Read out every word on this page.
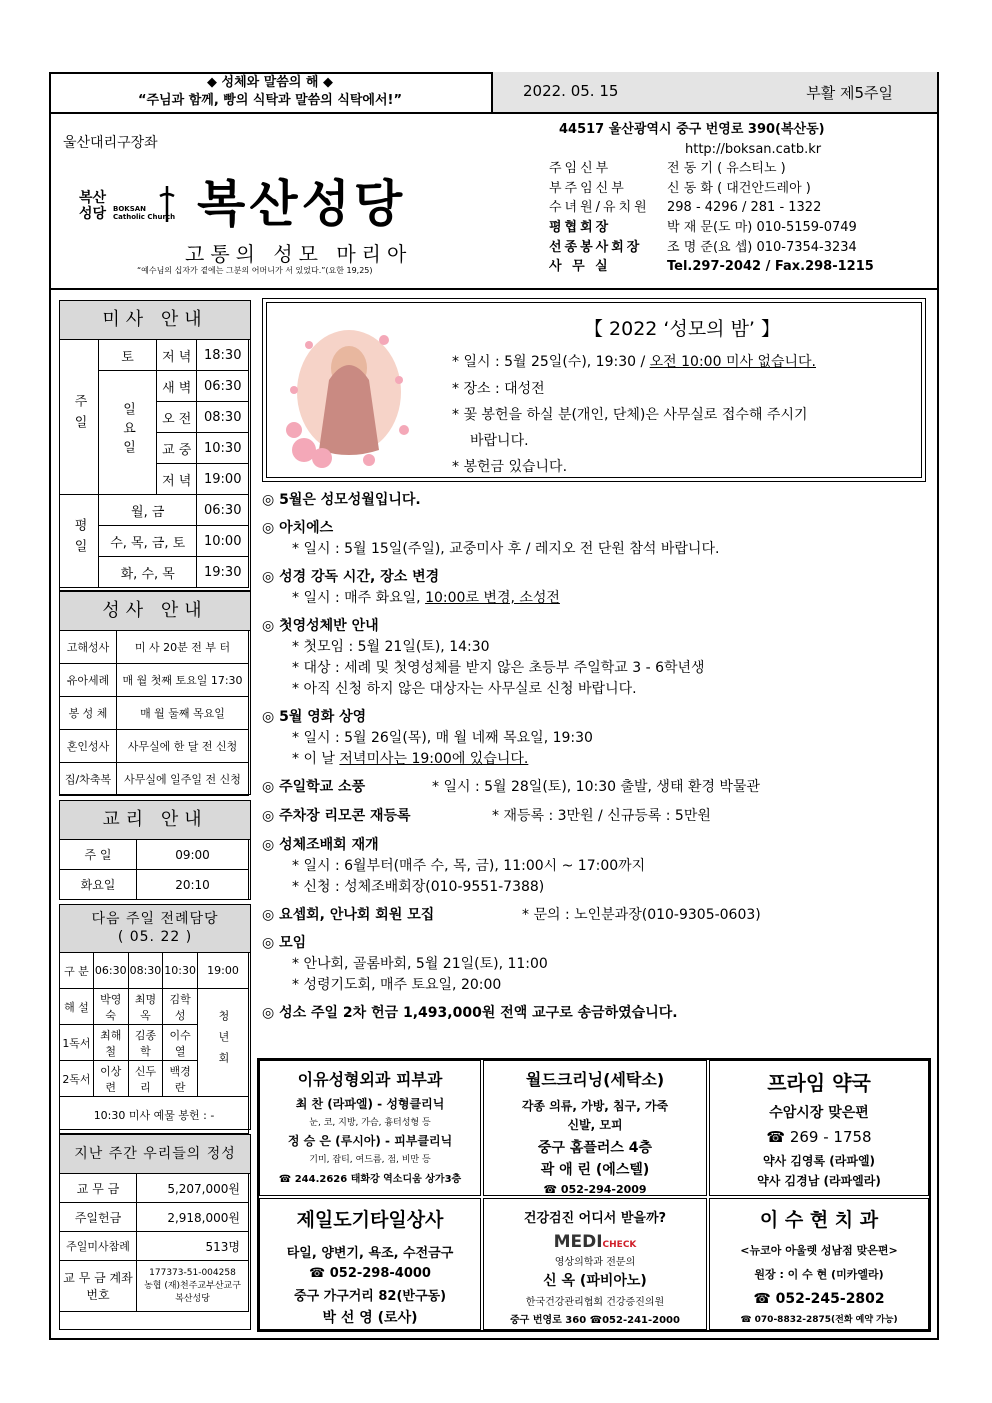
◆ 성체와 말씀의 해 ◆
“주님과 함께, 빵의 식탁과 말씀의 식탁에서!”
2022. 05. 15	부활 제5주일
울산대리구장좌
복산
성당 BOKSAN
Catholic Church 복산성당
고통의 성모 마리아
“예수님의 십자가 곁에는 그분의 어머니가 서 있었다.”(요한 19,25)
44517 울산광역시 중구 번영로 390(복산동)
http://boksan.catb.kr
주임신부	전 동 기 ( 유스티노 )
부주임신부	신 동 화 ( 대건안드레아 )
수녀원/유치원	298 - 4296 / 281 - 1322
평협회장	박 재 문(도 마) 010-5159-0749
선종봉사회장	조 명 준(요 셉) 010-7354-3234
사 무 실	Tel.297-2042 / Fax.298-1215
미사 안내
주일	토	저 녁	18:30
	일요일	새 벽	06:30
		오 전	08:30
		교 중	10:30
		저 녁	19:00
평일	월, 금		06:30
	수, 목, 금, 토		10:00
	화, 수, 목		19:30
성사 안내
고해성사	미 사 20분 전 부 터
유아세례	매 월 첫째 토요일 17:30
봉 성 체	매 월 둘째 목요일
혼인성사	사무실에 한 달 전 신청
집/차축복	사무실에 일주일 전 신청
교리 안내
주 일	09:00
화요일	20:10
다음 주일 전례담당
( 05. 22 )
구 분	06:30	08:30	10:30	19:00
해 설	박영숙	최명옥	김학성	청년회
1독서	최해철	김종학	이수열	
2독서	이상련	신두리	백경란	
10:30 미사 예물 봉헌 : -				
지난 주간 우리들의 정성
교 무 금	5,207,000원
주일헌금	2,918,000원
주일미사참례	513명
교 무 금 계좌번호	177373-51-004258
농협 (재)천주교부산교구
복산성당
【 2022 ‘성모의 밤’ 】
* 일시 : 5월 25일(수), 19:30 / 오전 10:00 미사 없습니다.
* 장소 : 대성전
* 꽃 봉헌을 하실 분(개인, 단체)은 사무실로 접수해 주시기
바랍니다.
* 봉헌금 있습니다.
◎ 5월은 성모성월입니다.
◎ 아치에스
* 일시 : 5월 15일(주일), 교중미사 후 / 레지오 전 단원 참석 바랍니다.
◎ 성경 강독 시간, 장소 변경
* 일시 : 매주 화요일, 10:00로 변경, 소성전
◎ 첫영성체반 안내
* 첫모임 : 5월 21일(토), 14:30
* 대상 : 세례 및 첫영성체를 받지 않은 초등부 주일학교 3 - 6학년생
* 아직 신청 하지 않은 대상자는 사무실로 신청 바랍니다.
◎ 5월 영화 상영
* 일시 : 5월 26일(목), 매 월 네째 목요일, 19:30
* 이 날 저녁미사는 19:00에 있습니다.
◎ 주일학교 소풍	* 일시 : 5월 28일(토), 10:30 출발, 생태 환경 박물관
◎ 주차장 리모콘 재등록	* 재등록 : 3만원 / 신규등록 : 5만원
◎ 성체조배회 재개
* 일시 : 6월부터(매주 수, 목, 금), 11:00시 ~ 17:00까지
* 신청 : 성체조배회장(010-9551-7388)
◎ 요셉회, 안나회 회원 모집	* 문의 : 노인분과장(010-9305-0603)
◎ 모임
* 안나회, 골롬바회, 5월 21일(토), 11:00
* 성령기도회, 매주 토요일, 20:00
◎ 성소 주일 2차 헌금 1,493,000원 전액 교구로 송금하였습니다.
이유성형외과 피부과
최 찬 (라파엘) - 성형클리닉
눈, 코, 지방, 가슴, 흉터성형 등
정 승 은 (루시아) - 피부클리닉
기미, 잡티, 여드름, 점, 비만 등
☎ 244.2626 태화강 역소디움 상가3층
월드크리닝(세탁소)
각종 의류, 가방, 침구, 가죽
신발, 모피
중구 홈플러스 4층
곽 애 린 (에스텔)
☎ 052-294-2009
프라임 약국
수암시장 맞은편
☎ 269 - 1758
약사 김영록 (라파엘)
약사 김경남 (라파엘라)
제일도기타일상사
타일, 양변기, 욕조, 수전금구
☎ 052-298-4000
중구 가구거리 82(반구동)
박 선 영 (로사)
건강검진 어디서 받을까?
MEDICHECK
영상의학과 전문의
신 옥 (파비아노)
한국건강관리협회 건강증진의원
중구 번영로 360 ☎052-241-2000
이 수 현 치 과
<뉴코아 아울렛 성남점 맞은편>
원장 : 이 수 현 (미카엘라)
☎ 052-245-2802
☎ 070-8832-2875(전화 예약 가능)
